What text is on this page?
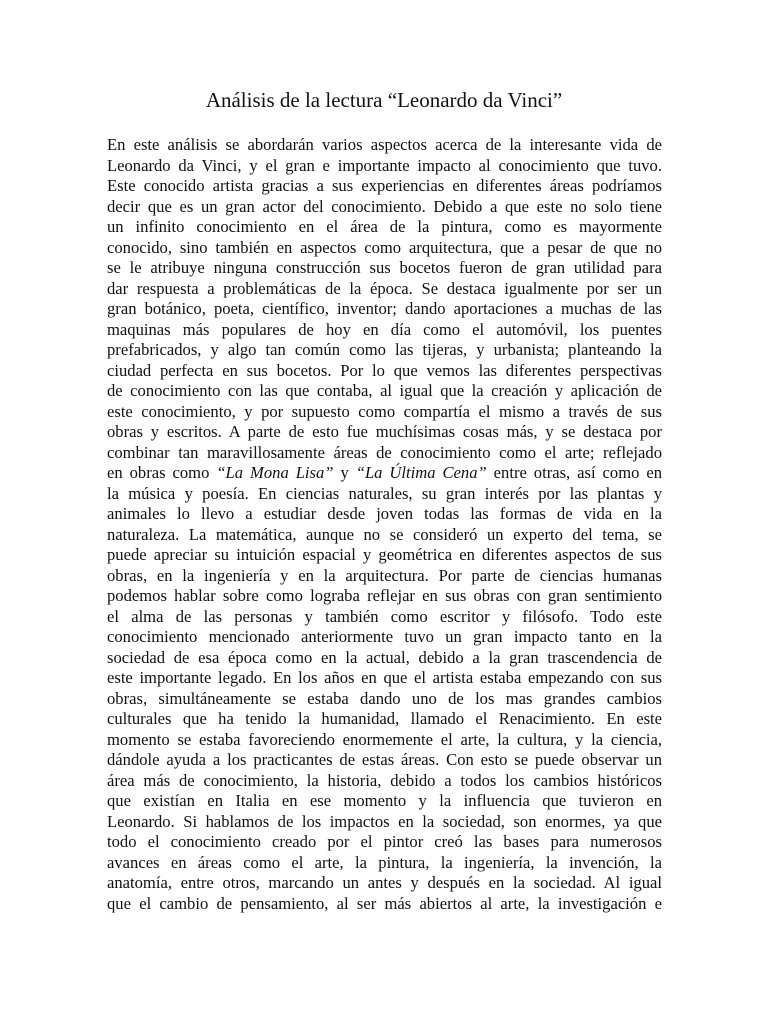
Análisis de la lectura “Leonardo da Vinci”
En este análisis se abordarán varios aspectos acerca de la interesante vida de
Leonardo da Vinci, y el gran e importante impacto al conocimiento que tuvo.
Este conocido artista gracias a sus experiencias en diferentes áreas podríamos
decir que es un gran actor del conocimiento. Debido a que este no solo tiene
un infinito conocimiento en el área de la pintura, como es mayormente
conocido, sino también en aspectos como arquitectura, que a pesar de que no
se le atribuye ninguna construcción sus bocetos fueron de gran utilidad para
dar respuesta a problemáticas de la época. Se destaca igualmente por ser un
gran botánico, poeta, científico, inventor; dando aportaciones a muchas de las
maquinas más populares de hoy en día como el automóvil, los puentes
prefabricados, y algo tan común como las tijeras, y urbanista; planteando la
ciudad perfecta en sus bocetos. Por lo que vemos las diferentes perspectivas
de conocimiento con las que contaba, al igual que la creación y aplicación de
este conocimiento, y por supuesto como compartía el mismo a través de sus
obras y escritos. A parte de esto fue muchísimas cosas más, y se destaca por
combinar tan maravillosamente áreas de conocimiento como el arte; reflejado
en obras como “La Mona Lisa” y “La Última Cena” entre otras, así como en
la música y poesía. En ciencias naturales, su gran interés por las plantas y
animales lo llevo a estudiar desde joven todas las formas de vida en la
naturaleza. La matemática, aunque no se consideró un experto del tema, se
puede apreciar su intuición espacial y geométrica en diferentes aspectos de sus
obras, en la ingeniería y en la arquitectura. Por parte de ciencias humanas
podemos hablar sobre como lograba reflejar en sus obras con gran sentimiento
el alma de las personas y también como escritor y filósofo. Todo este
conocimiento mencionado anteriormente tuvo un gran impacto tanto en la
sociedad de esa época como en la actual, debido a la gran trascendencia de
este importante legado. En los años en que el artista estaba empezando con sus
obras, simultáneamente se estaba dando uno de los mas grandes cambios
culturales que ha tenido la humanidad, llamado el Renacimiento. En este
momento se estaba favoreciendo enormemente el arte, la cultura, y la ciencia,
dándole ayuda a los practicantes de estas áreas. Con esto se puede observar un
área más de conocimiento, la historia, debido a todos los cambios históricos
que existían en Italia en ese momento y la influencia que tuvieron en
Leonardo. Si hablamos de los impactos en la sociedad, son enormes, ya que
todo el conocimiento creado por el pintor creó las bases para numerosos
avances en áreas como el arte, la pintura, la ingeniería, la invención, la
anatomía, entre otros, marcando un antes y después en la sociedad. Al igual
que el cambio de pensamiento, al ser más abiertos al arte, la investigación e
